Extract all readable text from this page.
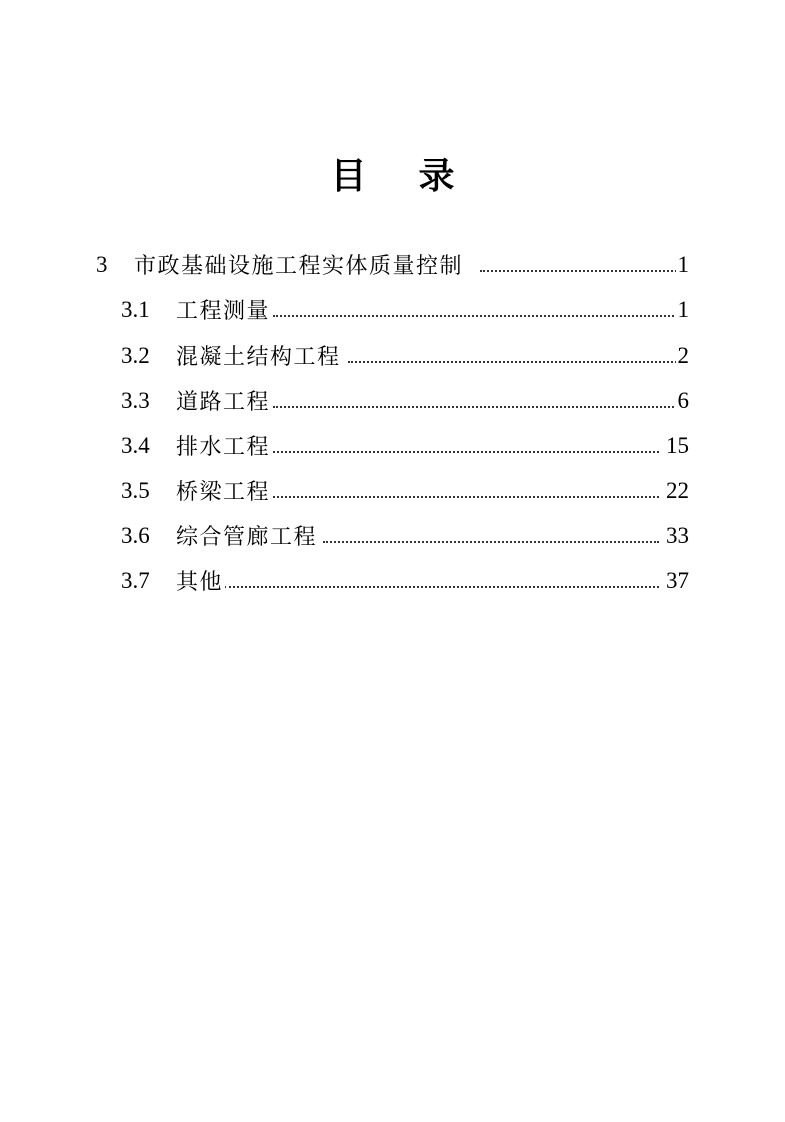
目 录
3 市政基础设施工程实体质量控制	1
3.1 工程测量	1
3.2 混凝土结构工程	2
3.3 道路工程	6
3.4 排水工程	15
3.5 桥梁工程	22
3.6 综合管廊工程	33
3.7 其他	37
